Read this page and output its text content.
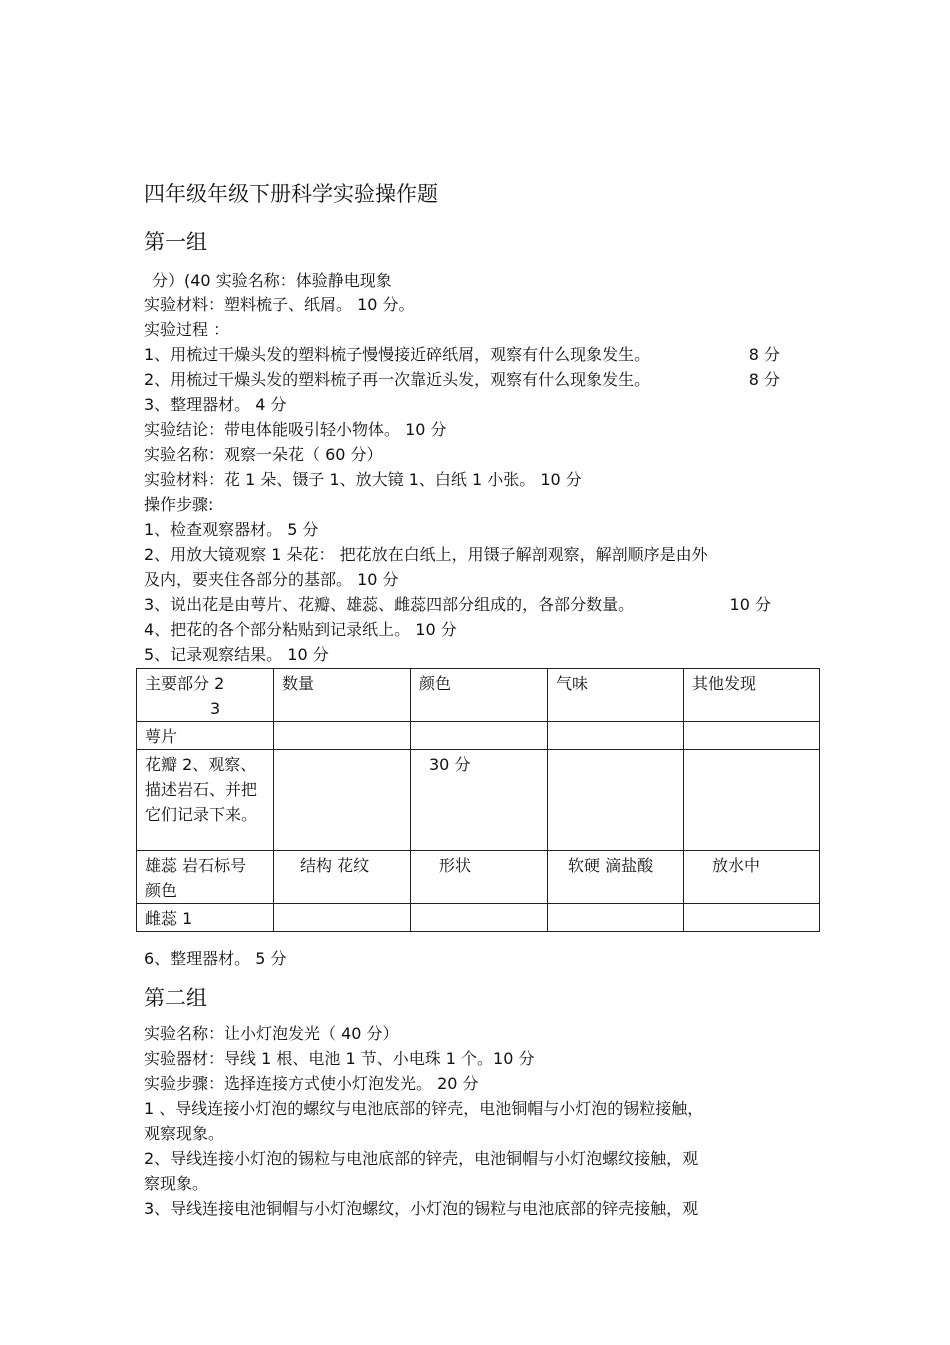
四年级年级下册科学实验操作题
第一组
分）(40 实验名称：体验静电现象
实验材料：塑料梳子、纸屑。 10 分。
实验过程 ：
1、用梳过干燥头发的塑料梳子慢慢接近碎纸屑，观察有什么现象发生。	8 分
2、用梳过干燥头发的塑料梳子再一次靠近头发，观察有什么现象发生。	8 分
3、整理器材。 4 分
实验结论：带电体能吸引轻小物体。 10 分
实验名称：观察一朵花（ 60 分）
实验材料：花 1 朵、镊子 1、放大镜 1、白纸 1 小张。 10 分
操作步骤:
1、检查观察器材。 5 分
2、用放大镜观察 1 朵花： 把花放在白纸上，用镊子解剖观察，解剖顺序是由外
及内，要夹住各部分的基部。 10 分
3、说出花是由萼片、花瓣、雄蕊、雌蕊四部分组成的，各部分数量。	10 分
4、把花的各个部分粘贴到记录纸上。 10 分
5、记录观察结果。 10 分
主要部分 2
3	数量	颜色	气味	其他发现
萼片				
花瓣 2、观察、描述岩石、并把它们记录下来。		30 分		
雄蕊 岩石标号 颜色	结构 花纹	形状	软硬 滴盐酸	放水中
雌蕊 1				
6、整理器材。 5 分
第二组
实验名称：让小灯泡发光（ 40 分）
实验器材：导线 1 根、电池 1 节、小电珠 1 个。10 分
实验步骤：选择连接方式使小灯泡发光。 20 分
1 、导线连接小灯泡的螺纹与电池底部的锌壳，电池铜帽与小灯泡的锡粒接触，
观察现象。
2、导线连接小灯泡的锡粒与电池底部的锌壳，电池铜帽与小灯泡螺纹接触，观
察现象。
3、导线连接电池铜帽与小灯泡螺纹，小灯泡的锡粒与电池底部的锌壳接触，观
